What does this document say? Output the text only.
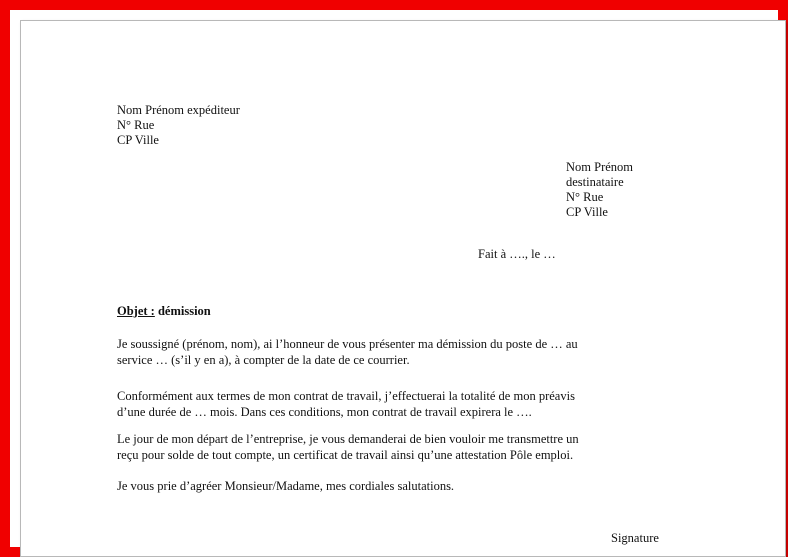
Nom Prénom expéditeur
N° Rue
CP Ville
Nom Prénom
destinataire
N° Rue
CP Ville
Fait à …., le …
Objet : démission
Je soussigné (prénom, nom), ai l’honneur de vous présenter ma démission du poste de … au
service … (s’il y en a), à compter de la date de ce courrier.
Conformément aux termes de mon contrat de travail, j’effectuerai la totalité de mon préavis
d’une durée de … mois. Dans ces conditions, mon contrat de travail expirera le ….
Le jour de mon départ de l’entreprise, je vous demanderai de bien vouloir me transmettre un
reçu pour solde de tout compte, un certificat de travail ainsi qu’une attestation Pôle emploi.
Je vous prie d’agréer Monsieur/Madame, mes cordiales salutations.
Signature
